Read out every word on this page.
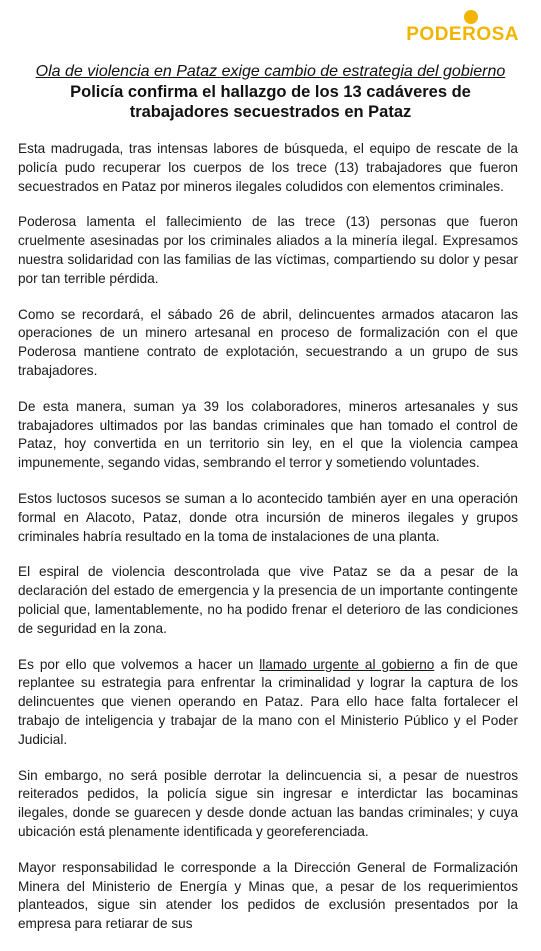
PODEROSA
Ola de violencia en Pataz exige cambio de estrategia del gobierno
Policía confirma el hallazgo de los 13 cadáveres de trabajadores secuestrados en Pataz

Esta madrugada, tras intensas labores de búsqueda, el equipo de rescate de la policía pudo recuperar los cuerpos de los trece (13) trabajadores que fueron secuestrados en Pataz por mineros ilegales coludidos con elementos criminales.

Poderosa lamenta el fallecimiento de las trece (13) personas que fueron cruelmente asesinadas por los criminales aliados a la minería ilegal. Expresamos nuestra solidaridad con las familias de las víctimas, compartiendo su dolor y pesar por tan terrible pérdida.

Como se recordará, el sábado 26 de abril, delincuentes armados atacaron las operaciones de un minero artesanal en proceso de formalización con el que Poderosa mantiene contrato de explotación, secuestrando a un grupo de sus trabajadores.

De esta manera, suman ya 39 los colaboradores, mineros artesanales y sus trabajadores ultimados por las bandas criminales que han tomado el control de Pataz, hoy convertida en un territorio sin ley, en el que la violencia campea impunemente, segando vidas, sembrando el terror y sometiendo voluntades.

Estos luctosos sucesos se suman a lo acontecido también ayer en una operación formal en Alacoto, Pataz, donde otra incursión de mineros ilegales y grupos criminales habría resultado en la toma de instalaciones de una planta.

El espiral de violencia descontrolada que vive Pataz se da a pesar de la declaración del estado de emergencia y la presencia de un importante contingente policial que, lamentablemente, no ha podido frenar el deterioro de las condiciones de seguridad en la zona.

Es por ello que volvemos a hacer un llamado urgente al gobierno a fin de que replantee su estrategia para enfrentar la criminalidad y lograr la captura de los delincuentes que vienen operando en Pataz. Para ello hace falta fortalecer el trabajo de inteligencia y trabajar de la mano con el Ministerio Público y el Poder Judicial.

Sin embargo, no será posible derrotar la delincuencia si, a pesar de nuestros reiterados pedidos, la policía sigue sin ingresar e interdictar las bocaminas ilegales, donde se guarecen y desde donde actuan las bandas criminales; y cuya ubicación está plenamente identificada y georeferenciada.

Mayor responsabilidad le corresponde a la Dirección General de Formalización Minera del Ministerio de Energía y Minas que, a pesar de los requerimientos planteados, sigue sin atender los pedidos de exclusión presentados por la empresa para retiarar de sus
